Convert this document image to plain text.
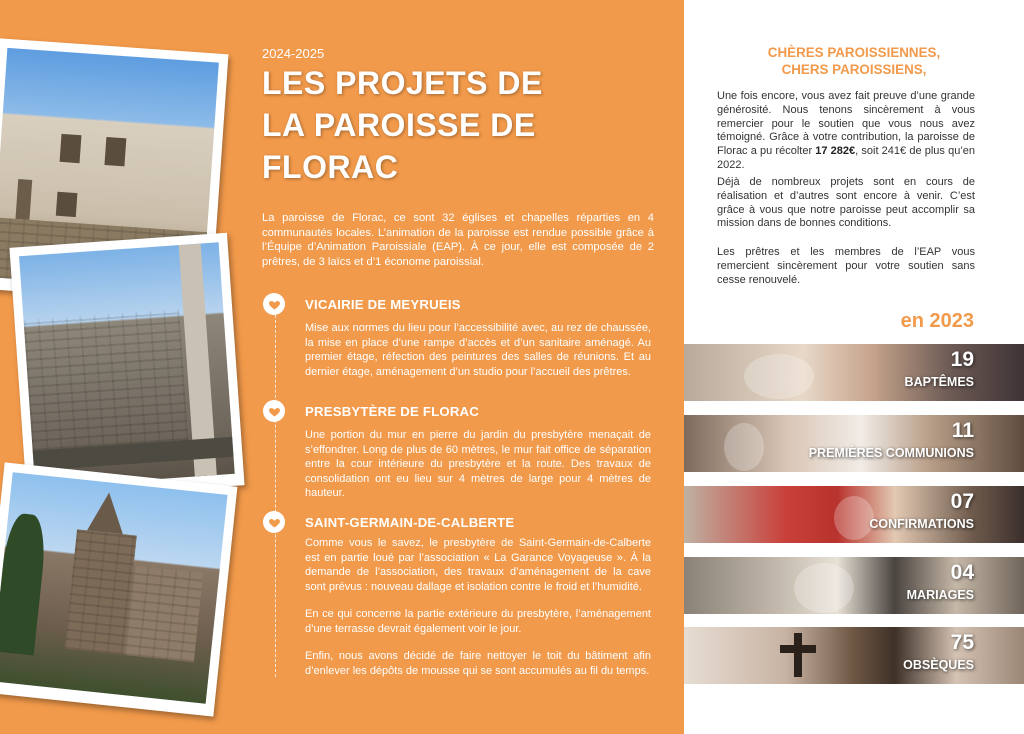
2024-2025
LES PROJETS DE LA PAROISSE DE FLORAC

La paroisse de Florac, ce sont 32 églises et chapelles réparties en 4 communautés locales. L’animation de la paroisse est rendue possible grâce à l’Équipe d’Animation Paroissiale (EAP). À ce jour, elle est composée de 2 prêtres, de 3 laïcs et d’1 économe paroissial.

VICAIRIE DE MEYRUEIS

Mise aux normes du lieu pour l’accessibilité avec, au rez de chaussée, la mise en place d’une rampe d’accès et d’un sanitaire aménagé. Au premier étage, réfection des peintures des salles de réunions. Et au dernier étage, aménagement d’un studio pour l’accueil des prêtres.

PRESBYTÈRE DE FLORAC

Une portion du mur en pierre du jardin du presbytère menaçait de s’effondrer. Long de plus de 60 mètres, le mur fait office de séparation entre la cour intérieure du presbytère et la route. Des travaux de consolidation ont eu lieu sur 4 mètres de large pour 4 mètres de hauteur.

SAINT-GERMAIN-DE-CALBERTE

Comme vous le savez, le presbytère de Saint-Germain-de-Calberte est en partie loué par l’association « La Garance Voyageuse ». À la demande de l’association, des travaux d’aménagement de la cave sont prévus : nouveau dallage et isolation contre le froid et l’humidité.

En ce qui concerne la partie extérieure du presbytère, l’aménagement d’une terrasse devrait également voir le jour.

Enfin, nous avons décidé de faire nettoyer le toit du bâtiment afin d’enlever les dépôts de mousse qui se sont accumulés au fil du temps.

CHÈRES PAROISSIENNES,
CHERS PAROISSIENS,

Une fois encore, vous avez fait preuve d’une grande générosité. Nous tenons sincèrement à vous remercier pour le soutien que vous nous avez témoigné. Grâce à votre contribution, la paroisse de Florac a pu récolter 17 282€, soit 241€ de plus qu’en 2022.

Déjà de nombreux projets sont en cours de réalisation et d’autres sont encore à venir. C’est grâce à vous que notre paroisse peut accomplir sa mission dans de bonnes conditions.

Les prêtres et les membres de l’EAP vous remercient sincèrement pour votre soutien sans cesse renouvelé.

en 2023
19
BAPTÊMES
11
PREMIÈRES COMMUNIONS
07
CONFIRMATIONS
04
MARIAGES
75
OBSÈQUES
